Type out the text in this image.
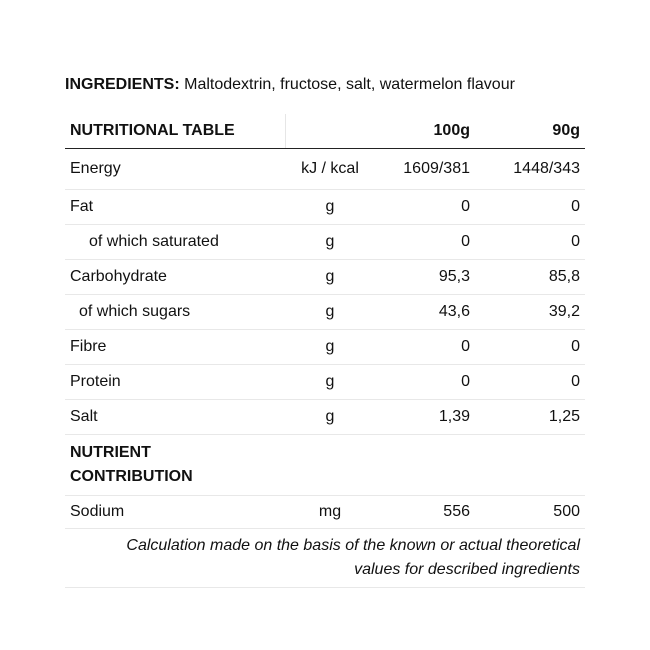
INGREDIENTS: Maltodextrin, fructose, salt, watermelon flavour

NUTRITIONAL TABLE		100g	90g
Energy	kJ / kcal	1609/381	1448/343
Fat	g	0	0
of which saturated	g	0	0
Carbohydrate	g	95,3	85,8
of which sugars	g	43,6	39,2
Fibre	g	0	0
Protein	g	0	0
Salt	g	1,39	1,25
NUTRIENT
CONTRIBUTION			
Sodium	mg	556	500
Calculation made on the basis of the known or actual theoretical
values for described ingredients			
